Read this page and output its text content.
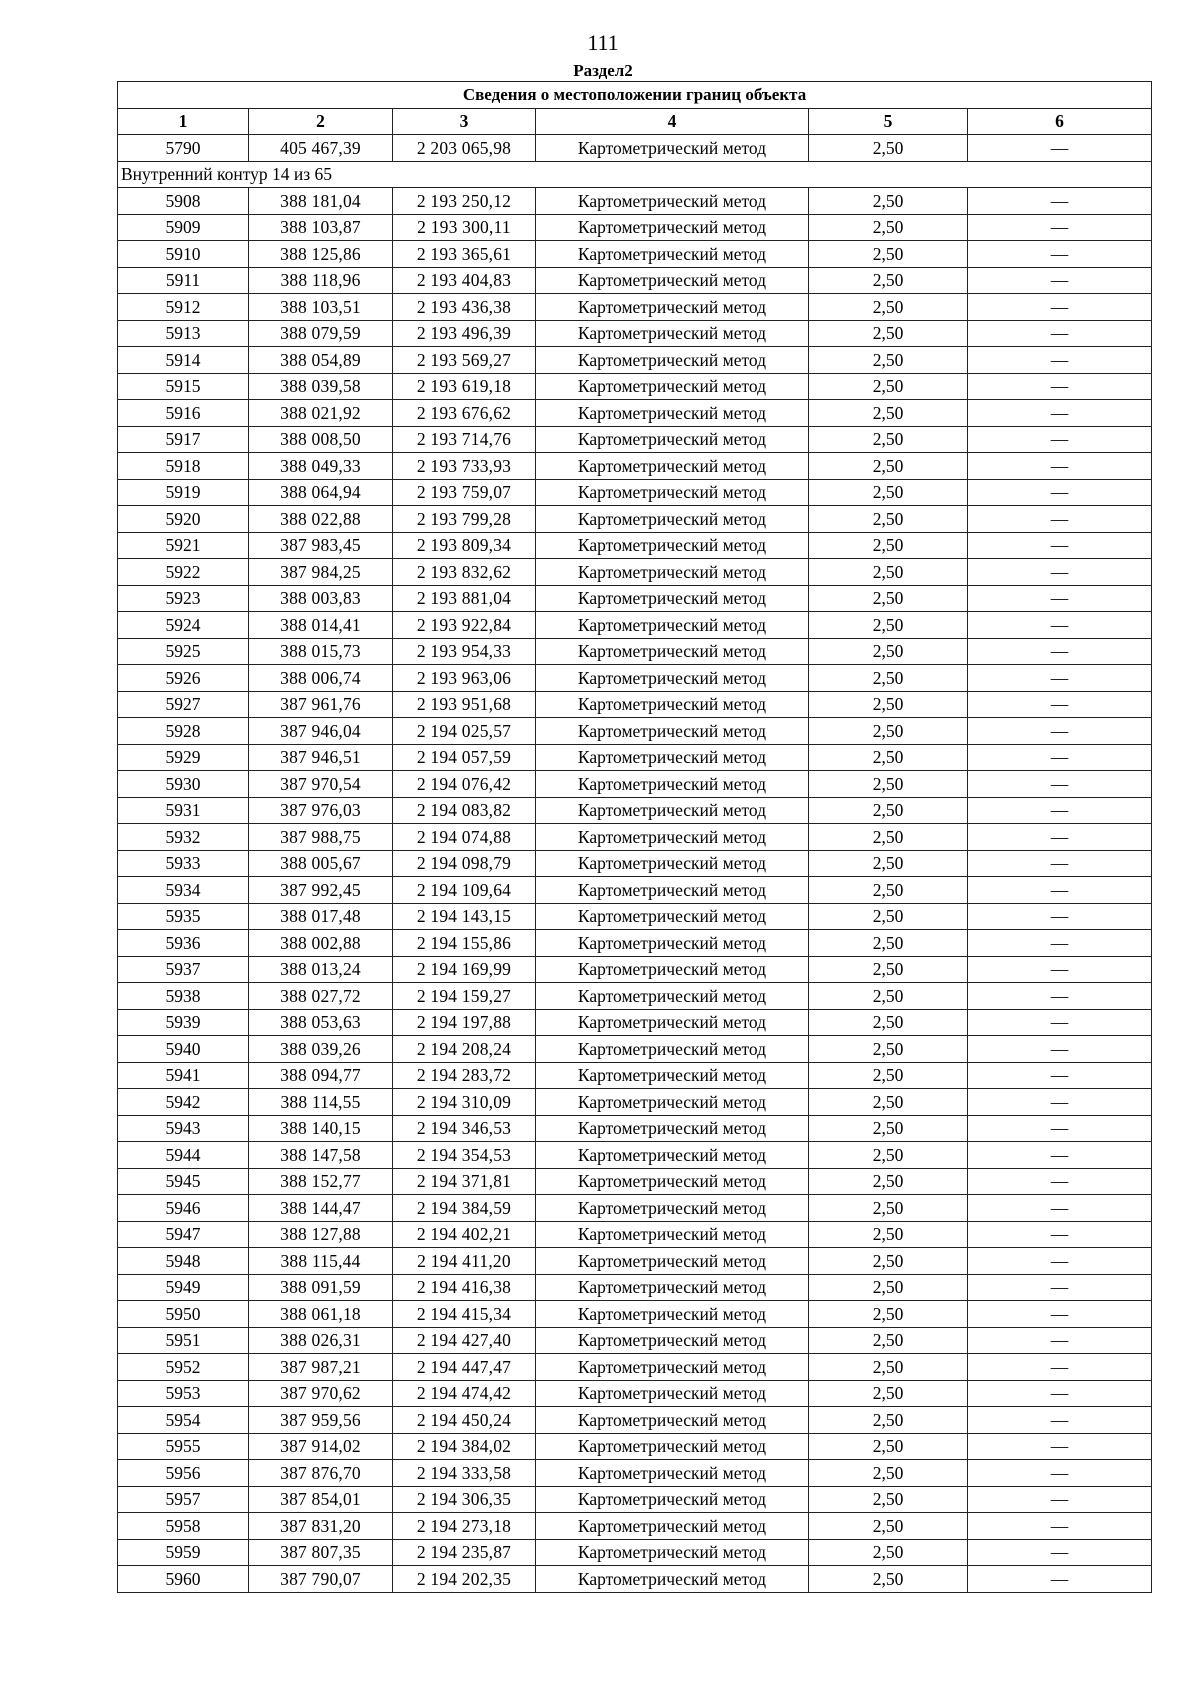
111
Раздел2
Сведения о местоположении границ объекта					
1	2	3	4	5	6
5790	405 467,39	2 203 065,98	Картометрический метод	2,50	—
Внутренний контур 14 из 65					
5908	388 181,04	2 193 250,12	Картометрический метод	2,50	—
5909	388 103,87	2 193 300,11	Картометрический метод	2,50	—
5910	388 125,86	2 193 365,61	Картометрический метод	2,50	—
5911	388 118,96	2 193 404,83	Картометрический метод	2,50	—
5912	388 103,51	2 193 436,38	Картометрический метод	2,50	—
5913	388 079,59	2 193 496,39	Картометрический метод	2,50	—
5914	388 054,89	2 193 569,27	Картометрический метод	2,50	—
5915	388 039,58	2 193 619,18	Картометрический метод	2,50	—
5916	388 021,92	2 193 676,62	Картометрический метод	2,50	—
5917	388 008,50	2 193 714,76	Картометрический метод	2,50	—
5918	388 049,33	2 193 733,93	Картометрический метод	2,50	—
5919	388 064,94	2 193 759,07	Картометрический метод	2,50	—
5920	388 022,88	2 193 799,28	Картометрический метод	2,50	—
5921	387 983,45	2 193 809,34	Картометрический метод	2,50	—
5922	387 984,25	2 193 832,62	Картометрический метод	2,50	—
5923	388 003,83	2 193 881,04	Картометрический метод	2,50	—
5924	388 014,41	2 193 922,84	Картометрический метод	2,50	—
5925	388 015,73	2 193 954,33	Картометрический метод	2,50	—
5926	388 006,74	2 193 963,06	Картометрический метод	2,50	—
5927	387 961,76	2 193 951,68	Картометрический метод	2,50	—
5928	387 946,04	2 194 025,57	Картометрический метод	2,50	—
5929	387 946,51	2 194 057,59	Картометрический метод	2,50	—
5930	387 970,54	2 194 076,42	Картометрический метод	2,50	—
5931	387 976,03	2 194 083,82	Картометрический метод	2,50	—
5932	387 988,75	2 194 074,88	Картометрический метод	2,50	—
5933	388 005,67	2 194 098,79	Картометрический метод	2,50	—
5934	387 992,45	2 194 109,64	Картометрический метод	2,50	—
5935	388 017,48	2 194 143,15	Картометрический метод	2,50	—
5936	388 002,88	2 194 155,86	Картометрический метод	2,50	—
5937	388 013,24	2 194 169,99	Картометрический метод	2,50	—
5938	388 027,72	2 194 159,27	Картометрический метод	2,50	—
5939	388 053,63	2 194 197,88	Картометрический метод	2,50	—
5940	388 039,26	2 194 208,24	Картометрический метод	2,50	—
5941	388 094,77	2 194 283,72	Картометрический метод	2,50	—
5942	388 114,55	2 194 310,09	Картометрический метод	2,50	—
5943	388 140,15	2 194 346,53	Картометрический метод	2,50	—
5944	388 147,58	2 194 354,53	Картометрический метод	2,50	—
5945	388 152,77	2 194 371,81	Картометрический метод	2,50	—
5946	388 144,47	2 194 384,59	Картометрический метод	2,50	—
5947	388 127,88	2 194 402,21	Картометрический метод	2,50	—
5948	388 115,44	2 194 411,20	Картометрический метод	2,50	—
5949	388 091,59	2 194 416,38	Картометрический метод	2,50	—
5950	388 061,18	2 194 415,34	Картометрический метод	2,50	—
5951	388 026,31	2 194 427,40	Картометрический метод	2,50	—
5952	387 987,21	2 194 447,47	Картометрический метод	2,50	—
5953	387 970,62	2 194 474,42	Картометрический метод	2,50	—
5954	387 959,56	2 194 450,24	Картометрический метод	2,50	—
5955	387 914,02	2 194 384,02	Картометрический метод	2,50	—
5956	387 876,70	2 194 333,58	Картометрический метод	2,50	—
5957	387 854,01	2 194 306,35	Картометрический метод	2,50	—
5958	387 831,20	2 194 273,18	Картометрический метод	2,50	—
5959	387 807,35	2 194 235,87	Картометрический метод	2,50	—
5960	387 790,07	2 194 202,35	Картометрический метод	2,50	—
